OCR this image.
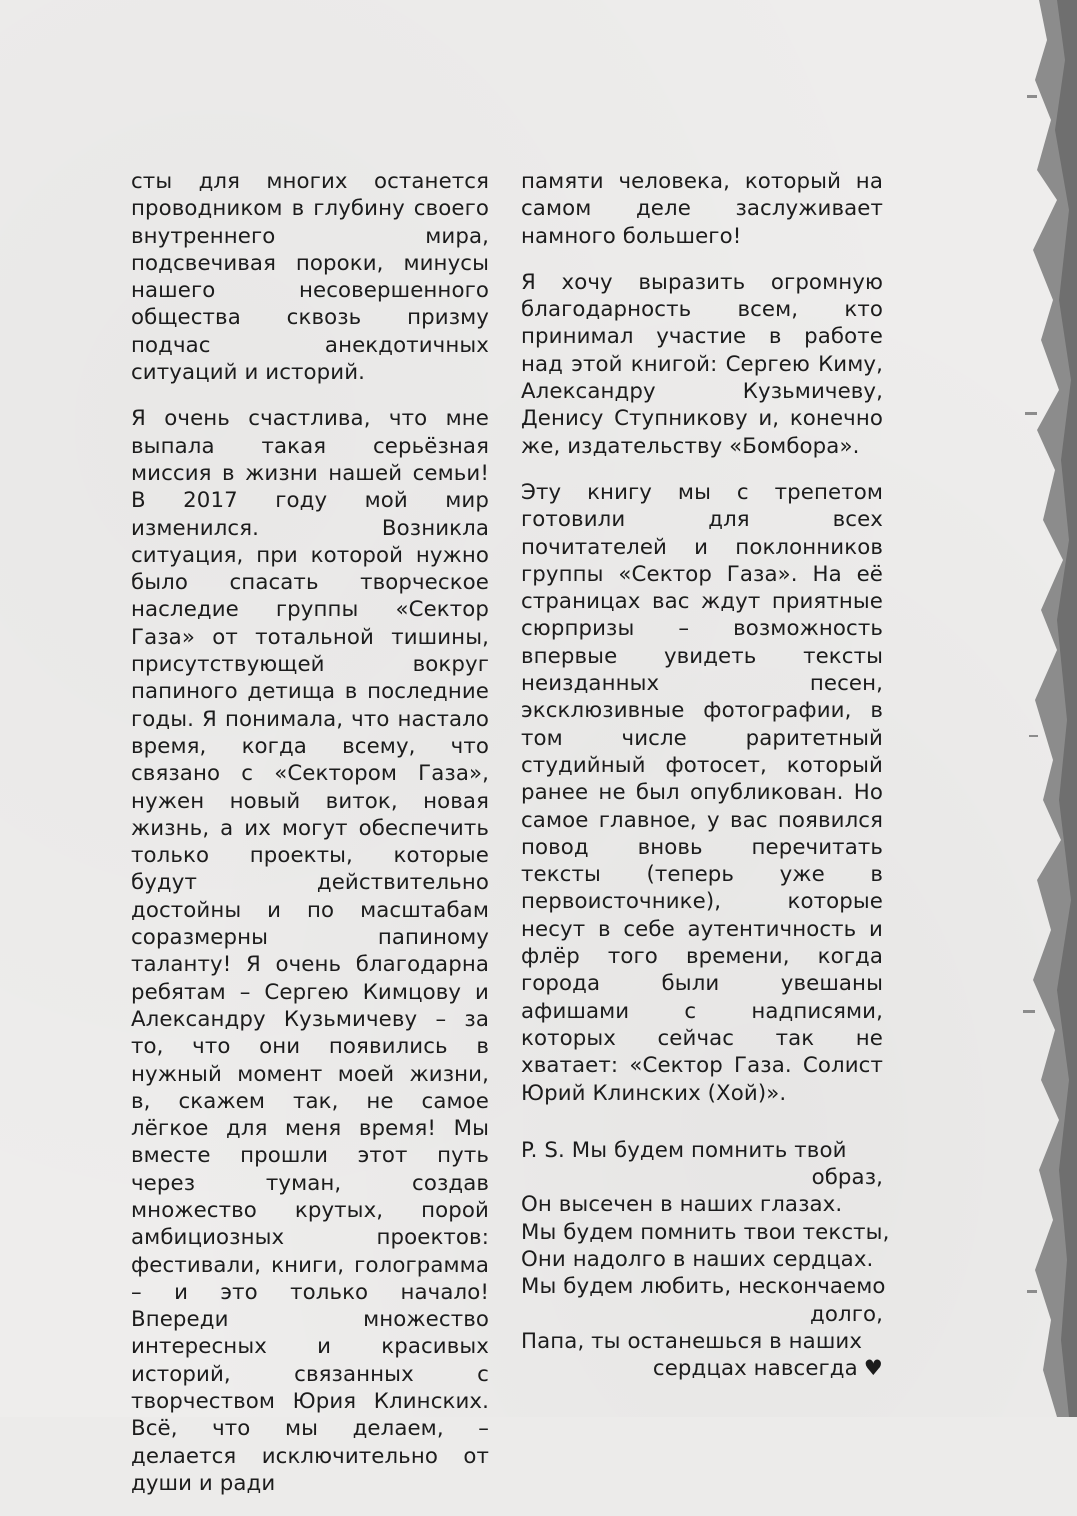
сты для многих останется проводником в глубину своего внутреннего мира, подсвечивая пороки, минусы нашего несовершенного общества сквозь призму подчас анекдотичных ситуаций и историй.

Я очень счастлива, что мне выпала такая серьёзная миссия в жизни нашей семьи! В 2017 году мой мир изменился. Возникла ситуация, при которой нужно было спасать творческое наследие группы «Сектор Газа» от тотальной тишины, присутствующей вокруг папиного детища в последние годы. Я понимала, что настало время, когда всему, что связано с «Сектором Газа», нужен новый виток, новая жизнь, а их могут обеспечить только проекты, которые будут действительно достойны и по масштабам соразмерны папиному таланту! Я очень благодарна ребятам – Сергею Кимцову и Александру Кузьмичеву – за то, что они появились в нужный момент моей жизни, в, скажем так, не самое лёгкое для меня время! Мы вместе прошли этот путь через туман, создав множество крутых, порой амбициозных проектов: фестивали, книги, голограмма – и это только начало! Впереди множество интересных и красивых историй, связанных с творчеством Юрия Клинских. Всё, что мы делаем, – делается исключительно от души и ради

памяти человека, который на самом деле заслуживает намного большего!

Я хочу выразить огромную благодарность всем, кто принимал участие в работе над этой книгой: Сергею Киму, Александру Кузьмичеву, Денису Ступникову и, конечно же, издательству «Бомбора».

Эту книгу мы с трепетом готовили для всех почитателей и поклонников группы «Сектор Газа». На её страницах вас ждут приятные сюрпризы – возможность впервые увидеть тексты неизданных песен, эксклюзивные фотографии, в том числе раритетный студийный фотосет, который ранее не был опубликован. Но самое главное, у вас появился повод вновь перечитать тексты (теперь уже в первоисточнике), которые несут в себе аутентичность и флёр того времени, когда города были увешаны афишами с надписями, которых сейчас так не хватает: «Сектор Газа. Солист Юрий Клинских (Хой)».

P. S. Мы будем помнить твой
образ,
Он высечен в наших глазах.
Мы будем помнить твои тексты,
Они надолго в наших сердцах.
Мы будем любить, нескончаемо
долго,
Папа, ты останешься в наших
сердцах навсегда ♥
